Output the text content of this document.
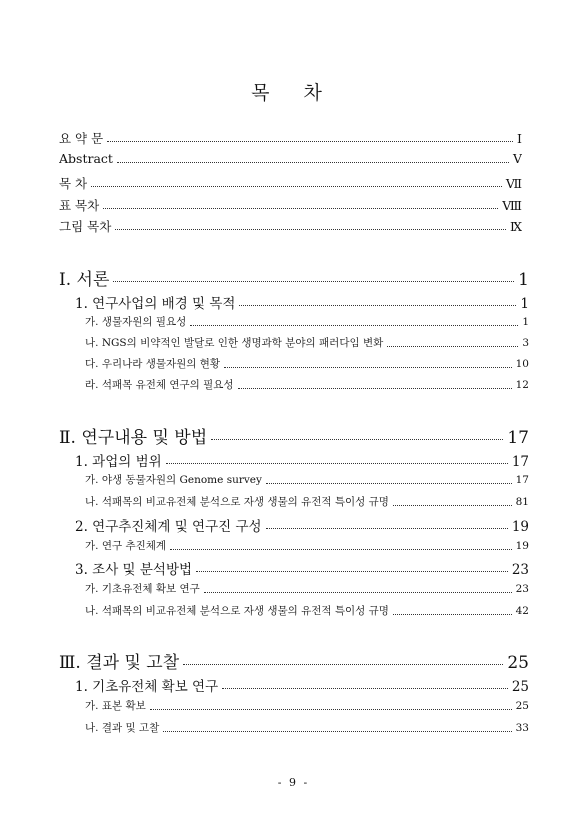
목 차
요 약 문	Ⅰ
Abstract	Ⅴ
목 차	Ⅶ
표 목차	Ⅷ
그림 목차	Ⅸ
Ⅰ. 서론	1
1. 연구사업의 배경 및 목적	1
가. 생물자원의 필요성	1
나. NGS의 비약적인 발달로 인한 생명과학 분야의 패러다임 변화	3
다. 우리나라 생물자원의 현황	10
라. 석패목 유전체 연구의 필요성	12
Ⅱ. 연구내용 및 방법	17
1. 과업의 범위	17
가. 야생 동물자원의 Genome survey	17
나. 석패목의 비교유전체 분석으로 자생 생물의 유전적 특이성 규명	81
2. 연구추진체계 및 연구진 구성	19
가. 연구 추진체계	19
3. 조사 및 분석방법	23
가. 기초유전체 확보 연구	23
나. 석패목의 비교유전체 분석으로 자생 생물의 유전적 특이성 규명	42
Ⅲ. 결과 및 고찰	25
1. 기초유전체 확보 연구	25
가. 표본 확보	25
나. 결과 및 고찰	33
- 9 -
